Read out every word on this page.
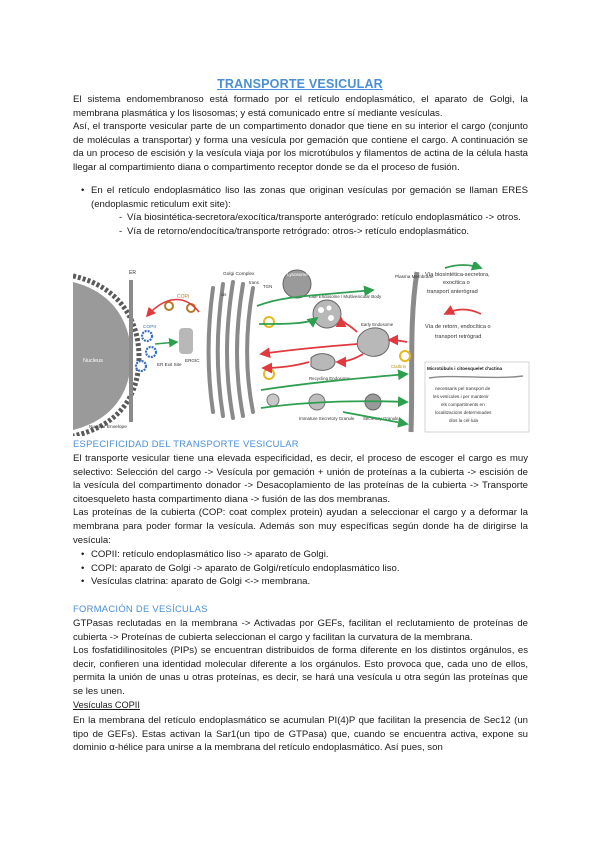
TRANSPORTE VESICULAR

El sistema endomembranoso está formado por el retículo endoplasmático, el aparato de Golgi, la membrana plasmática y los lisosomas; y está comunicado entre sí mediante vesículas.

Así, el transporte vesicular parte de un compartimento donador que tiene en su interior el cargo (conjunto de moléculas a transportar) y forma una vesícula por gemación que contiene el cargo. A continuación se da un proceso de escisión y la vesícula viaja por los microtúbulos y filamentos de actina de la célula hasta llegar al compartimiento diana o compartimento receptor donde se da el proceso de fusión.

• En el retículo endoplasmático liso las zonas que originan vesículas por gemación se llaman ERES (endoplasmic reticulum exit site):
- Vía biosintética-secretora/exocítica/transporte anterógrado: retículo endoplasmático -> otros.
- Vía de retorno/endocítica/transporte retrógrado: otros-> retículo endoplasmático.
Nucleus
Nuclear Envelope
ER
COPII
ER Exit Site
ERGIC
COPI
Golgi Complex
cis
trans
TGN
Lysosome
Late Endosome / Multivesicular Body
Early Endosome
Recycling Endosome
Immature Secretory Granule Secretory Granule
Plasma Membrane
Clathrin
Vía biosintética-secretora,
exocítica o
transport anterògrad
Vía de retorn, endocítica o
transport retrògrad
Microtúbuls i citoesquelet d'actina
necessaris pel transport de
les vesícules i per mantenir
els compartiments en
localitzacions determinades
dins la cèl·lula
ESPECIFICIDAD DEL TRANSPORTE VESICULAR

El transporte vesicular tiene una elevada especificidad, es decir, el proceso de escoger el cargo es muy selectivo: Selección del cargo -> Vesícula por gemación + unión de proteínas a la cubierta -> escisión de la vesícula del compartimento donador -> Desacoplamiento de las proteínas de la cubierta -> Transporte citoesqueleto hasta compartimento diana -> fusión de las dos membranas.

Las proteínas de la cubierta (COP: coat complex protein) ayudan a seleccionar el cargo y a deformar la membrana para poder formar la vesícula. Además son muy específicas según donde ha de dirigirse la vesícula:

• COPII: retículo endoplasmático liso -> aparato de Golgi.
• COPI: aparato de Golgi -> aparato de Golgi/retículo endoplasmático liso.
• Vesículas clatrina: aparato de Golgi <-> membrana.
FORMACIÓN DE VESÍCULAS

GTPasas reclutadas en la membrana -> Activadas por GEFs, facilitan el reclutamiento de proteínas de cubierta -> Proteínas de cubierta seleccionan el cargo y facilitan la curvatura de la membrana.

Los fosfatidilinositoles (PIPs) se encuentran distribuidos de forma diferente en los distintos orgánulos, es decir, confieren una identidad molecular diferente a los orgánulos. Esto provoca que, cada uno de ellos, permita la unión de unas u otras proteínas, es decir, se hará una vesícula u otra según las proteínas que se les unen.

Vesículas COPII

En la membrana del retículo endoplasmático se acumulan PI(4)P que facilitan la presencia de Sec12 (un tipo de GEFs). Estas activan la Sar1(un tipo de GTPasa) que, cuando se encuentra activa, expone su dominio α-hélice para unirse a la membrana del retículo endoplasmático. Así pues, son
